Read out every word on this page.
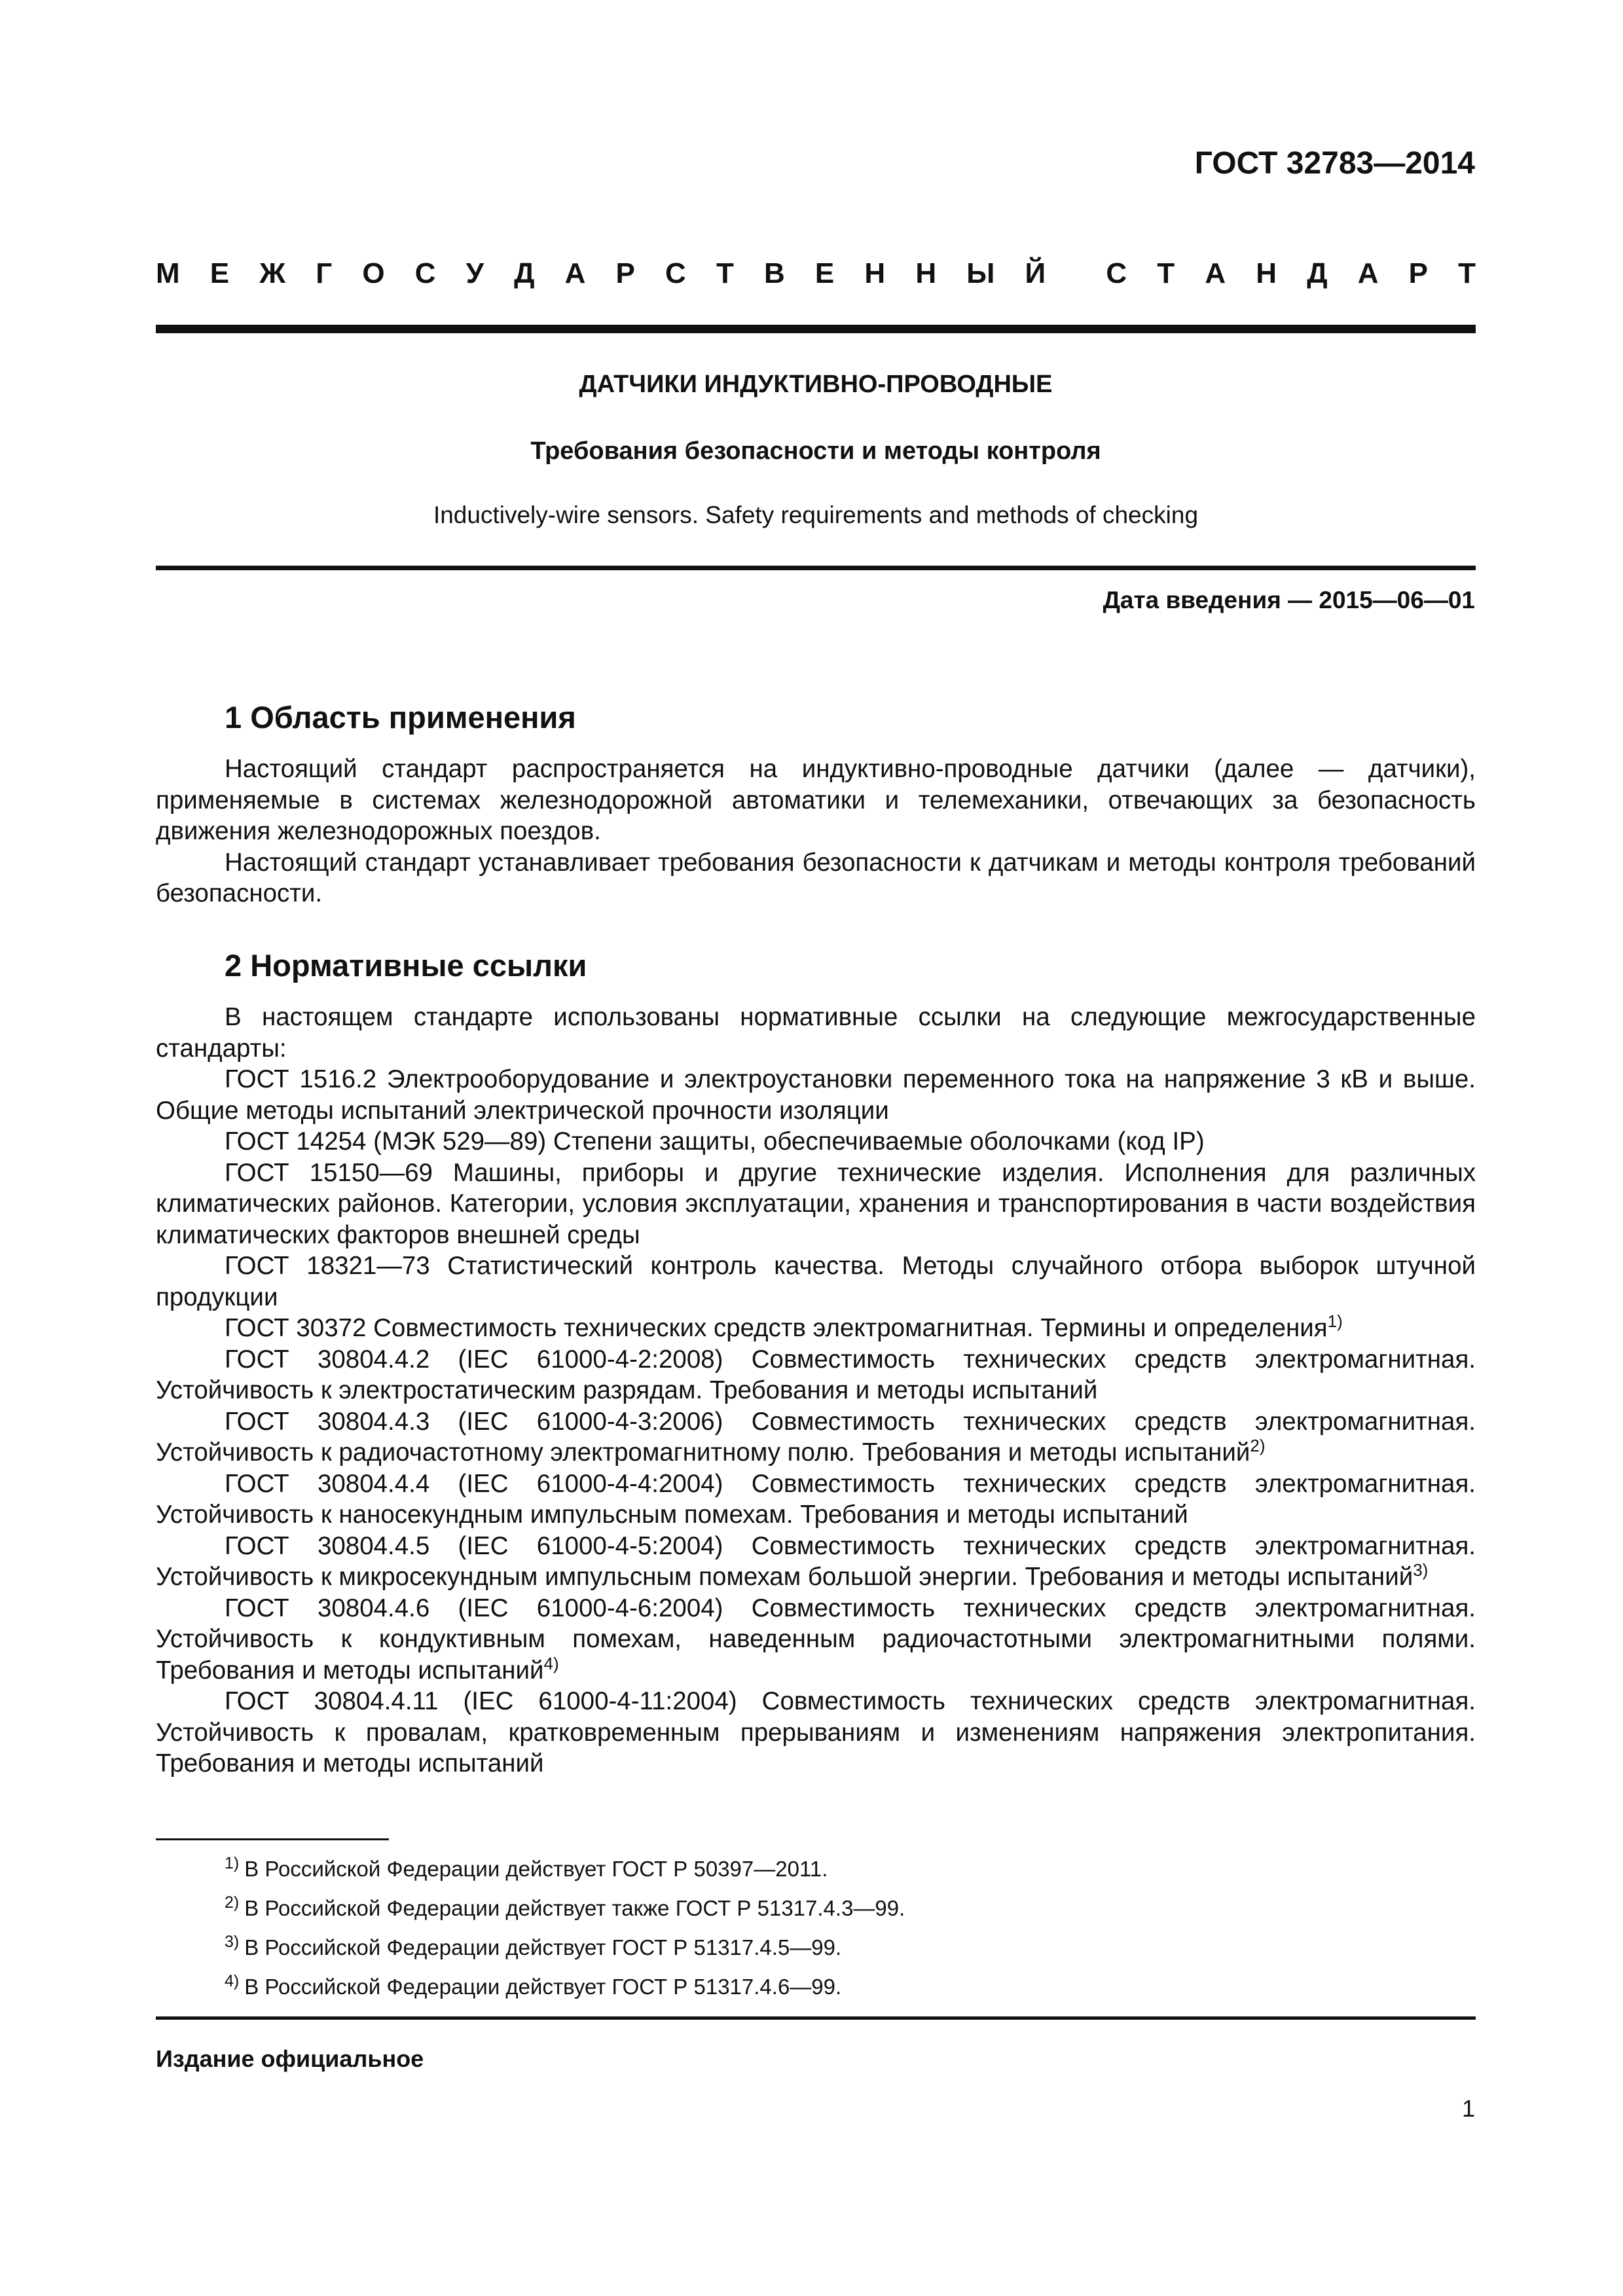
ГОСТ 32783—2014
М Е Ж Г О С У Д А Р С Т В Е Н Н Ы Й С Т А Н Д А Р Т
ДАТЧИКИ ИНДУКТИВНО-ПРОВОДНЫЕ
Требования безопасности и методы контроля
Inductively-wire sensors. Safety requirements and methods of checking
Дата введения — 2015—06—01
1 Область применения

Настоящий стандарт распространяется на индуктивно-проводные датчики (далее — датчики), применяемые в системах железнодорожной автоматики и телемеханики, отвечающих за безопасность движения железнодорожных поездов.

Настоящий стандарт устанавливает требования безопасности к датчикам и методы контроля требований безопасности.

2 Нормативные ссылки

В настоящем стандарте использованы нормативные ссылки на следующие межгосударственные стандарты:

ГОСТ 1516.2 Электрооборудование и электроустановки переменного тока на напряжение 3 кВ и выше. Общие методы испытаний электрической прочности изоляции

ГОСТ 14254 (МЭК 529—89) Степени защиты, обеспечиваемые оболочками (код IP)

ГОСТ 15150—69 Машины, приборы и другие технические изделия. Исполнения для различных климатических районов. Категории, условия эксплуатации, хранения и транспортирования в части воздействия климатических факторов внешней среды

ГОСТ 18321—73 Статистический контроль качества. Методы случайного отбора выборок штучной продукции

ГОСТ 30372 Совместимость технических средств электромагнитная. Термины и определения$^{1)}$

ГОСТ 30804.4.2 (IEC 61000-4-2:2008) Совместимость технических средств электромагнитная. Устойчивость к электростатическим разрядам. Требования и методы испытаний

ГОСТ 30804.4.3 (IEC 61000-4-3:2006) Совместимость технических средств электромагнитная. Устойчивость к радиочастотному электромагнитному полю. Требования и методы испытаний$^{2)}$

ГОСТ 30804.4.4 (IEC 61000-4-4:2004) Совместимость технических средств электромагнитная. Устойчивость к наносекундным импульсным помехам. Требования и методы испытаний

ГОСТ 30804.4.5 (IEC 61000-4-5:2004) Совместимость технических средств электромагнитная. Устойчивость к микросекундным импульсным помехам большой энергии. Требования и методы испытаний$^{3)}$

ГОСТ 30804.4.6 (IEC 61000-4-6:2004) Совместимость технических средств электромагнитная. Устойчивость к кондуктивным помехам, наведенным радиочастотными электромагнитными полями. Требования и методы испытаний$^{4)}$

ГОСТ 30804.4.11 (IEC 61000-4-11:2004) Совместимость технических средств электромагнитная. Устойчивость к провалам, кратковременным прерываниям и изменениям напряжения электропитания. Требования и методы испытаний

$^{1)}$ В Российской Федерации действует ГОСТ Р 50397—2011.
$^{2)}$ В Российской Федерации действует также ГОСТ Р 51317.4.3—99.
$^{3)}$ В Российской Федерации действует ГОСТ Р 51317.4.5—99.
$^{4)}$ В Российской Федерации действует ГОСТ Р 51317.4.6—99.
Издание официальное
1
